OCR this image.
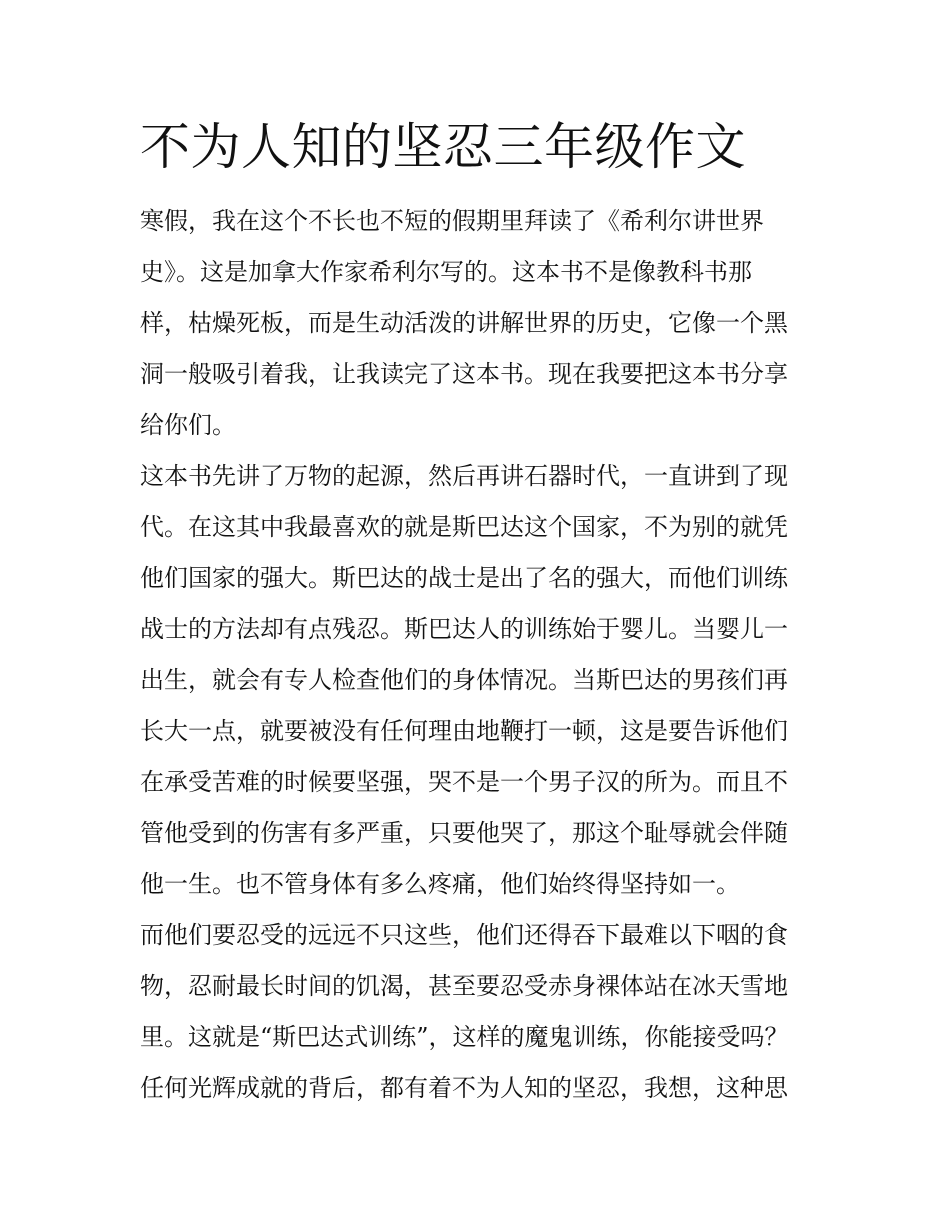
不为人知的坚忍三年级作文
寒假，我在这个不长也不短的假期里拜读了《希利尔讲世界
史》。这是加拿大作家希利尔写的。这本书不是像教科书那
样，枯燥死板，而是生动活泼的讲解世界的历史，它像一个黑
洞一般吸引着我，让我读完了这本书。现在我要把这本书分享
给你们。
这本书先讲了万物的起源，然后再讲石器时代，一直讲到了现
代。在这其中我最喜欢的就是斯巴达这个国家，不为别的就凭
他们国家的强大。斯巴达的战士是出了名的强大，而他们训练
战士的方法却有点残忍。斯巴达人的训练始于婴儿。当婴儿一
出生，就会有专人检查他们的身体情况。当斯巴达的男孩们再
长大一点，就要被没有任何理由地鞭打一顿，这是要告诉他们
在承受苦难的时候要坚强，哭不是一个男子汉的所为。而且不
管他受到的伤害有多严重，只要他哭了，那这个耻辱就会伴随
他一生。也不管身体有多么疼痛，他们始终得坚持如一。
而他们要忍受的远远不只这些，他们还得吞下最难以下咽的食
物，忍耐最长时间的饥渴，甚至要忍受赤身裸体站在冰天雪地
里。这就是“斯巴达式训练”，这样的魔鬼训练，你能接受吗？
任何光辉成就的背后，都有着不为人知的坚忍，我想，这种思
